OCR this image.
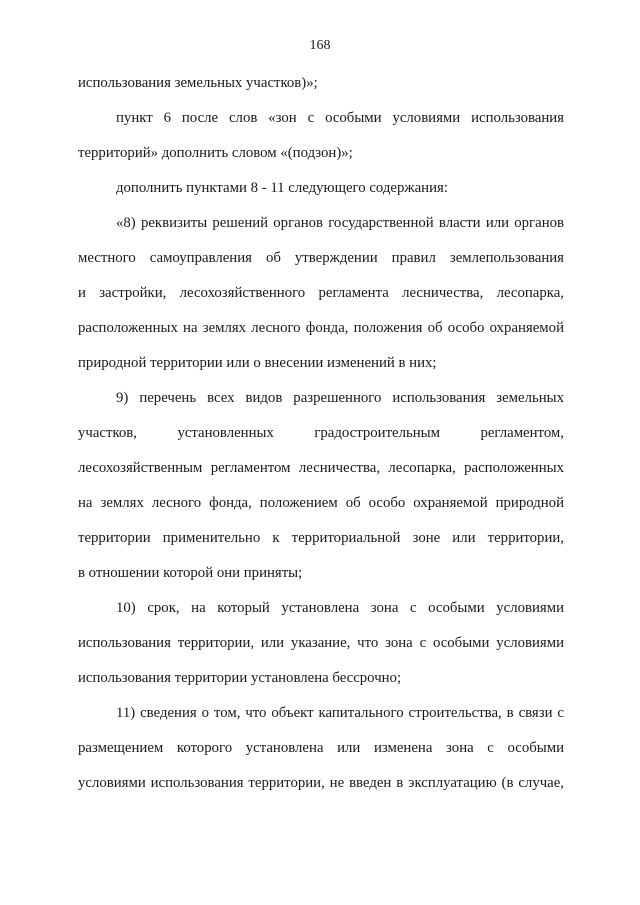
168
использования земельных участков)»;
пункт 6 после слов «зон с особыми условиями использования
территорий» дополнить словом «(подзон)»;
дополнить пунктами 8 - 11 следующего содержания:
«8) реквизиты решений органов государственной власти или органов
местного самоуправления об утверждении правил землепользования
и застройки, лесохозяйственного регламента лесничества, лесопарка,
расположенных на землях лесного фонда, положения об особо охраняемой
природной территории или о внесении изменений в них;
9) перечень всех видов разрешенного использования земельных
участков, установленных градостроительным регламентом,
лесохозяйственным регламентом лесничества, лесопарка, расположенных
на землях лесного фонда, положением об особо охраняемой природной
территории применительно к территориальной зоне или территории,
в отношении которой они приняты;
10) срок, на который установлена зона с особыми условиями
использования территории, или указание, что зона с особыми условиями
использования территории установлена бессрочно;
11) сведения о том, что объект капитального строительства, в связи с
размещением которого установлена или изменена зона с особыми
условиями использования территории, не введен в эксплуатацию (в случае,
